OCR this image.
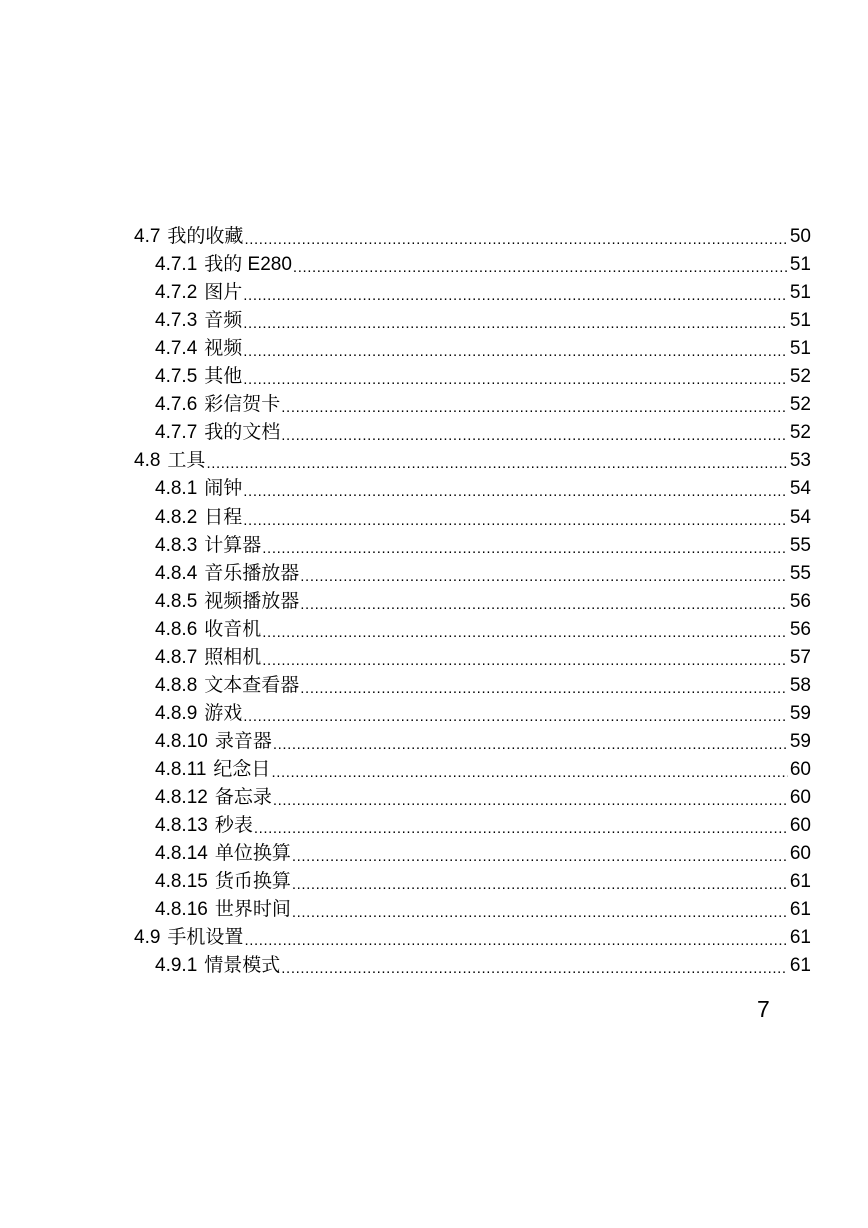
4.7 我的收藏 .....	50
4.7.1 我的 E280 .....	51
4.7.2 图片 .....	51
4.7.3 音频 .....	51
4.7.4 视频 .....	51
4.7.5 其他 .....	52
4.7.6 彩信贺卡 .....	52
4.7.7 我的文档 .....	52
4.8 工具 .....	53
4.8.1 闹钟 .....	54
4.8.2 日程 .....	54
4.8.3 计算器 .....	55
4.8.4 音乐播放器 .....	55
4.8.5 视频播放器 .....	56
4.8.6 收音机 .....	56
4.8.7 照相机 .....	57
4.8.8 文本查看器 .....	58
4.8.9 游戏 .....	59
4.8.10 录音器 .....	59
4.8.11 纪念日 .....	60
4.8.12 备忘录 .....	60
4.8.13 秒表 .....	60
4.8.14 单位换算 .....	60
4.8.15 货币换算 .....	61
4.8.16 世界时间 .....	61
4.9 手机设置 .....	61
4.9.1 情景模式 .....	61
7
